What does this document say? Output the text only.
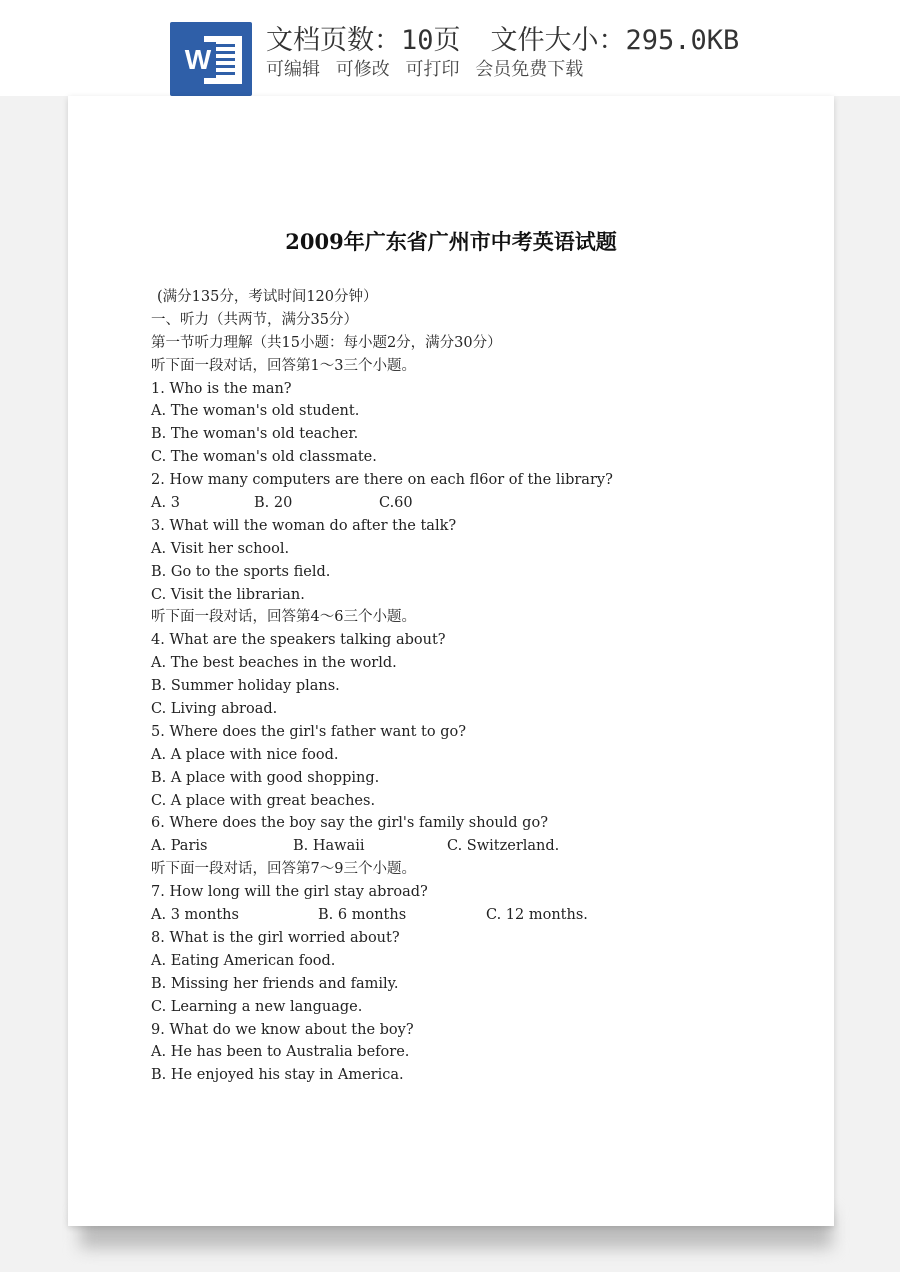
W
文档页数：10页 文件大小：295.0KB
可编辑 可修改 可打印 会员免费下载
2009年广东省广州市中考英语试题
(满分135分，考试时间120分钟）
一、听力（共两节，满分35分）
第一节听力理解（共15小题：每小题2分，满分30分）
听下面一段对话，回答第1～3三个小题。
1. Who is the man?
A. The woman's old student.
B. The woman's old teacher.
C. The woman's old classmate.
2. How many computers are there on each fl6or of the library?
A. 3	B. 20	C.60
3. What will the woman do after the talk?
A. Visit her school.
B. Go to the sports field.
C. Visit the librarian.
听下面一段对话，回答第4～6三个小题。
4. What are the speakers talking about?
A. The best beaches in the world.
B. Summer holiday plans.
C. Living abroad.
5. Where does the girl's father want to go?
A. A place with nice food.
B. A place with good shopping.
C. A place with great beaches.
6. Where does the boy say the girl's family should go?
A. Paris	B. Hawaii	C. Switzerland.
听下面一段对话，回答第7～9三个小题。
7. How long will the girl stay abroad?
A. 3 months	B. 6 months	C. 12 months.
8. What is the girl worried about?
A. Eating American food.
B. Missing her friends and family.
C. Learning a new language.
9. What do we know about the boy?
A. He has been to Australia before.
B. He enjoyed his stay in America.
